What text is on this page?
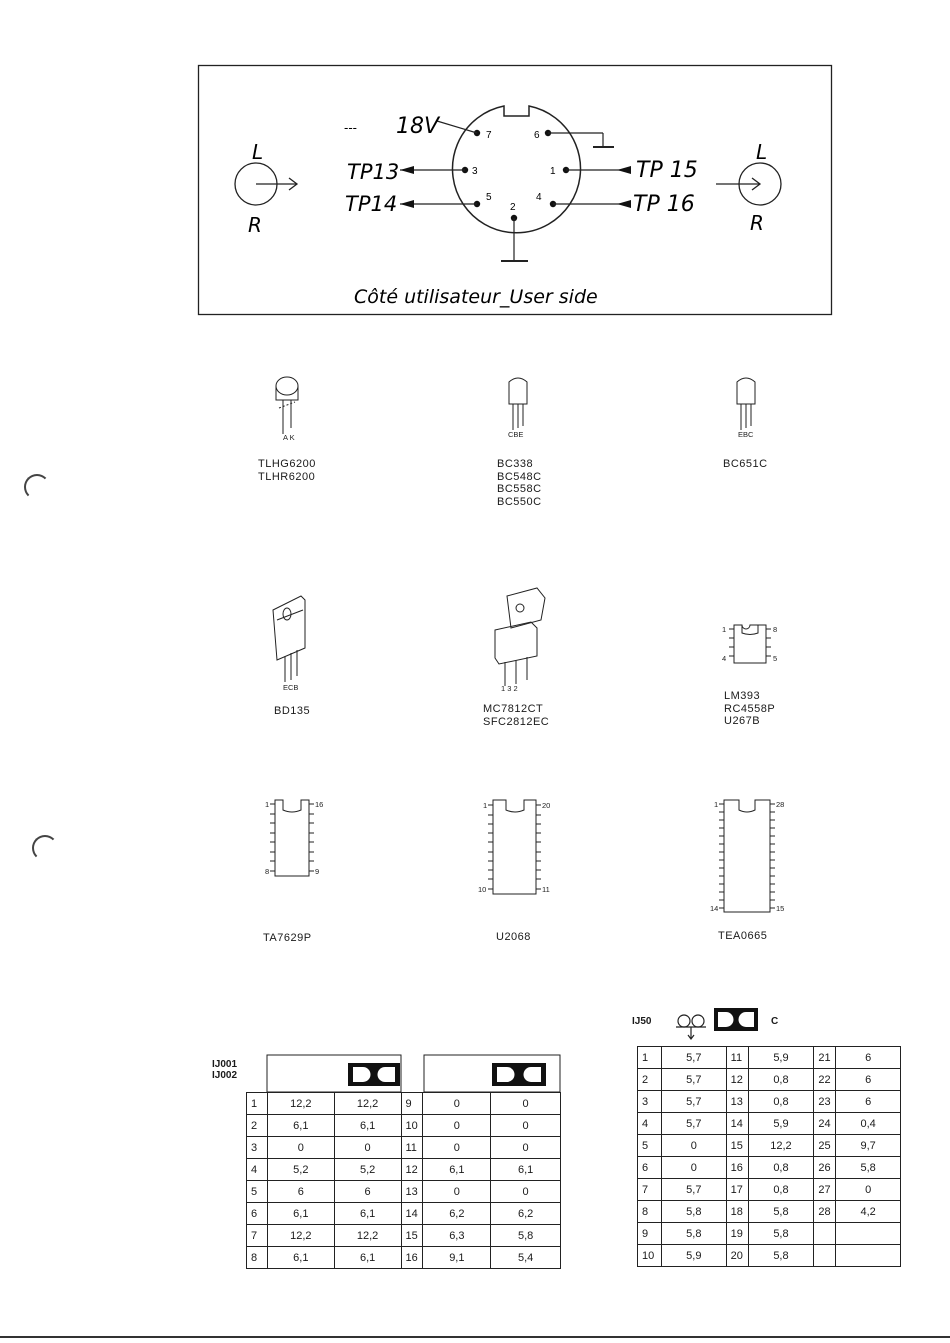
L
R
L
R
7	6
3	1
5
2
4
--- 18V
TP13
TP14
TP 15
TP 16
Côté utilisateur_User side
A K	CBE	EBC
ECB	1 3 2
1	8
4	5
1	16
8	9
1	20
10	11
1	28
14	15
TLHG6200
TLHR6200
BC338
BC548C
BC558C
BC550C
BC651C
BD135	MC7812CT
SFC2812EC
LM393
RC4558P
U267B
TA7629P	U2068	TEA0665
IJ001
IJ002
1	12,2	12,2	9	0	0
2	6,1	6,1	10	0	0
3	0	0	11	0	0
4	5,2	5,2	12	6,1	6,1
5	6	6	13	0	0
6	6,1	6,1	14	6,2	6,2
7	12,2	12,2	15	6,3	5,8
8	6,1	6,1	16	9,1	5,4
IJ50	C
1	5,7	11	5,9	21	6
2	5,7	12	0,8	22	6
3	5,7	13	0,8	23	6
4	5,7	14	5,9	24	0,4
5	0	15	12,2	25	9,7
6	0	16	0,8	26	5,8
7	5,7	17	0,8	27	0
8	5,8	18	5,8	28	4,2
9	5,8	19	5,8		
10	5,9	20	5,8		
